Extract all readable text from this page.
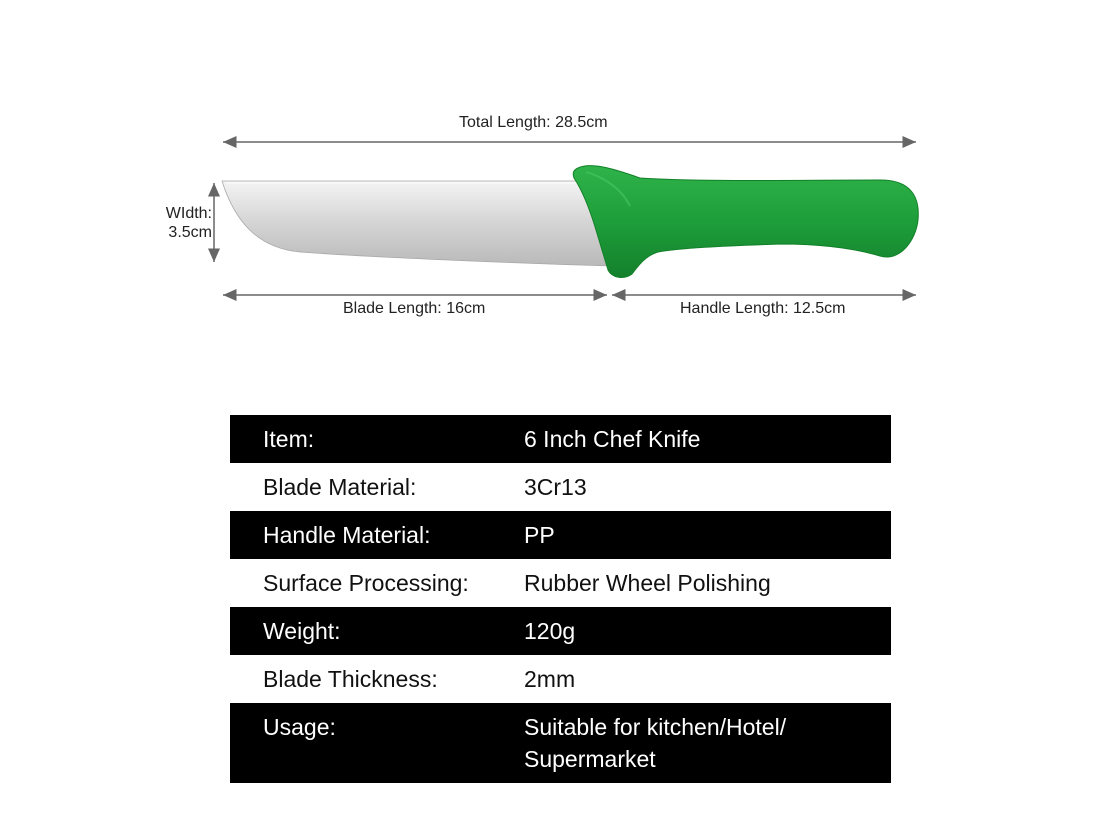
Total Length: 28.5cm
WIdth:
3.5cm
Blade Length: 16cm	Handle Length: 12.5cm
Item:	6 Inch Chef Knife
Blade Material:	3Cr13
Handle Material:	PP
Surface Processing:	Rubber Wheel Polishing
Weight:	120g
Blade Thickness:	2mm
Usage:	Suitable for kitchen/Hotel/ Supermarket
